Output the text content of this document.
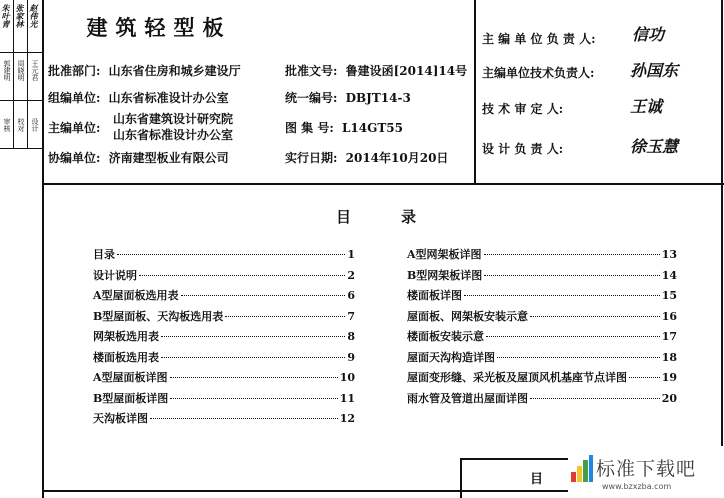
朱叶青 张家林 赵伟光
郭建明 周晓明 王元君
审核 校对 设计
建筑轻型板
批准部门: 山东省住房和城乡建设厅
组编单位: 山东省标准设计办公室
主编单位:
山东省建筑设计研究院
山东省标准设计办公室
协编单位: 济南建型板业有限公司
批准文号: 鲁建设函[2014]14号
统一编号: DBJT14-3
图 集 号: L14GT55
实行日期: 2014年10月20日
主 编 单 位 负 责 人: 信功
主编单位技术负责人: 孙国东
技 术 审 定 人:	王诚
设 计 负 责 人:	徐玉慧
目录
目录	1
设计说明	2
A型屋面板选用表	6
B型屋面板、天沟板选用表	7
网架板选用表	8
楼面板选用表	9
A型屋面板详图	10
B型屋面板详图	11
天沟板详图	12
A型网架板详图	13
B型网架板详图	14
楼面板详图	15
屋面板、网架板安装示意	16
楼面板安装示意	17
屋面天沟构造详图	18
屋面变形缝、采光板及屋顶风机基座节点详图	19
雨水管及管道出屋面详图	20
目	标准下载吧
www.bzxzba.com
